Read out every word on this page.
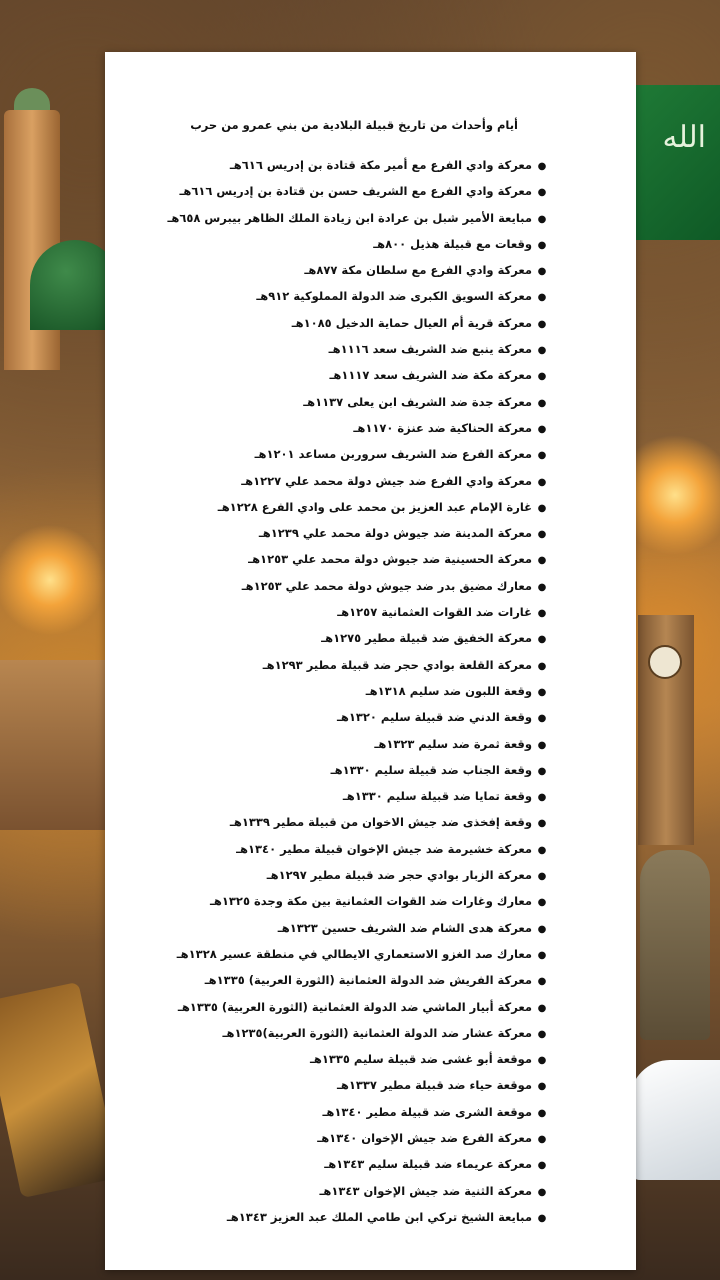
الله
أيام وأحداث من تاريخ قبيلة البلادية من بني عمرو من حرب
●معركة وادي الفرع مع أمير مكة قتادة بن إدريس ٦١٦هـ
●معركة وادي الفرع مع الشريف حسن بن قتادة بن إدريس ٦١٦هـ
●مبايعة الأمير شبل بن عرادة ابن زيادة الملك الظاهر بيبرس ٦٥٨هـ
●وقعات مع قبيلة هذيل ٨٠٠هـ
●معركة وادي الفرع مع سلطان مكة ٨٧٧هـ
●معركة السويق الكبرى ضد الدولة المملوكية ٩١٢هـ
●معركة قرية أم العيال حماية الدخيل ١٠٨٥هـ
●معركة ينبع ضد الشريف سعد ١١١٦هـ
●معركة مكة ضد الشريف سعد ١١١٧هـ
●معركة جدة ضد الشريف ابن يعلى ١١٣٧هـ
●معركة الحناكية ضد عنزة ١١٧٠هـ
●معركة الفرع ضد الشريف سروربن مساعد ١٢٠١هـ
●معركة وادي الفرع ضد جيش دولة محمد علي ١٢٢٧هـ
●غارة الإمام عبد العزيز بن محمد على وادي الفرع ١٢٢٨هـ
●معركة المدينة ضد جيوش دولة محمد علي ١٢٣٩هـ
●معركة الحسينية ضد جيوش دولة محمد علي ١٢٥٣هـ
●معارك مضيق بدر ضد جيوش دولة محمد علي ١٢٥٣هـ
●غارات ضد القوات العثمانية ١٢٥٧هـ
●معركة الخفيق ضد قبيلة مطير ١٢٧٥هـ
●معركة القلعة بوادي حجر ضد قبيلة مطير ١٢٩٣هـ
●وقعة اللبون ضد سليم ١٣١٨هـ
●وقعة الدني ضد قبيلة سليم ١٣٢٠هـ
●وقعة ثمرة ضد سليم ١٣٢٣هـ
●وقعة الجناب ضد قبيلة سليم ١٣٣٠هـ
●وقعة تمايا ضد قبيلة سليم ١٣٣٠هـ
●وقعة إفخذى ضد جيش الاخوان من قبيلة مطير ١٣٣٩هـ
●معركة خشيرمة ضد جيش الإخوان قبيلة مطير ١٣٤٠هـ
●معركة الزبار بوادي حجر ضد قبيلة مطير ١٢٩٧هـ
●معارك وغارات ضد القوات العثمانية بين مكة وجدة ١٣٢٥هـ
●معركة هدى الشام ضد الشريف حسين ١٣٢٣هـ
●معارك صد الغزو الاستعماري الايطالي في منطقة عسير ١٣٢٨هـ
●معركة الفريش ضد الدولة العثمانية (الثورة العربية) ١٣٣٥هـ
●معركة أبيار الماشي ضد الدولة العثمانية (الثورة العربية) ١٣٣٥هـ
●معركة عشار ضد الدولة العثمانية (الثورة العربية)١٢٣٥هـ
●موقعة أبو غشى ضد قبيلة سليم ١٣٣٥هـ
●موقعة حياء ضد قبيلة مطير ١٣٣٧هـ
●موقعة الشرى ضد قبيلة مطير ١٣٤٠هـ
●معركة الفرع ضد جيش الإخوان ١٣٤٠هـ
●معركة عريماء ضد قبيلة سليم ١٣٤٣هـ
●معركة الثنية ضد جيش الإخوان ١٣٤٣هـ
●مبايعة الشيخ تركي ابن طامي الملك عبد العزيز ١٣٤٣هـ
